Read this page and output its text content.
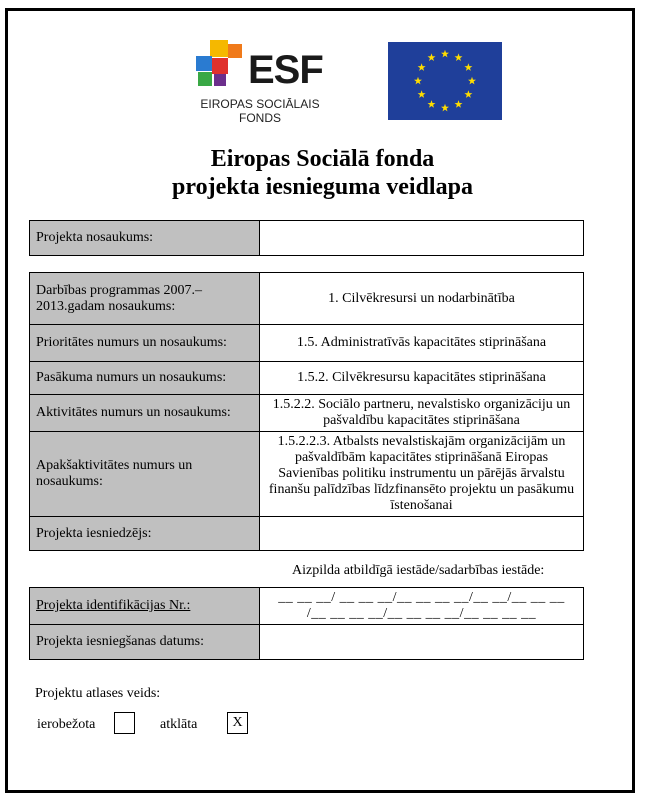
ESF
EIROPAS SOCIĀLAIS
FONDS
Eiropas Sociālā fonda
projekta iesnieguma veidlapa
Projekta nosaukums:	
Darbības programmas 2007.–2013.gadam nosaukums:	1. Cilvēkresursi un nodarbinātība
Prioritātes numurs un nosaukums:	1.5. Administratīvās kapacitātes stiprināšana
Pasākuma numurs un nosaukums:	1.5.2. Cilvēkresursu kapacitātes stiprināšana
Aktivitātes numurs un nosaukums:	1.5.2.2. Sociālo partneru, nevalstisko organizāciju un pašvaldību kapacitātes stiprināšana
Apakšaktivitātes numurs un nosaukums:	1.5.2.2.3. Atbalsts nevalstiskajām organizācijām un pašvaldībām kapacitātes stiprināšanā Eiropas Savienības politiku instrumentu un pārējās ārvalstu finanšu palīdzības līdzfinansēto projektu un pasākumu īstenošanai
Projekta iesniedzējs:	
Aizpilda atbildīgā iestāde/sadarbības iestāde:
Projekta identifikācijas Nr.:	__ __ __/ __ __ __/__ __ __ __/__ __/__ __ __
/__ __ __ __/__ __ __ __/__ __ __ __

Projekta iesniegšanas datums:	
Projektu atlases veids:
ierobežota	atklāta	X
